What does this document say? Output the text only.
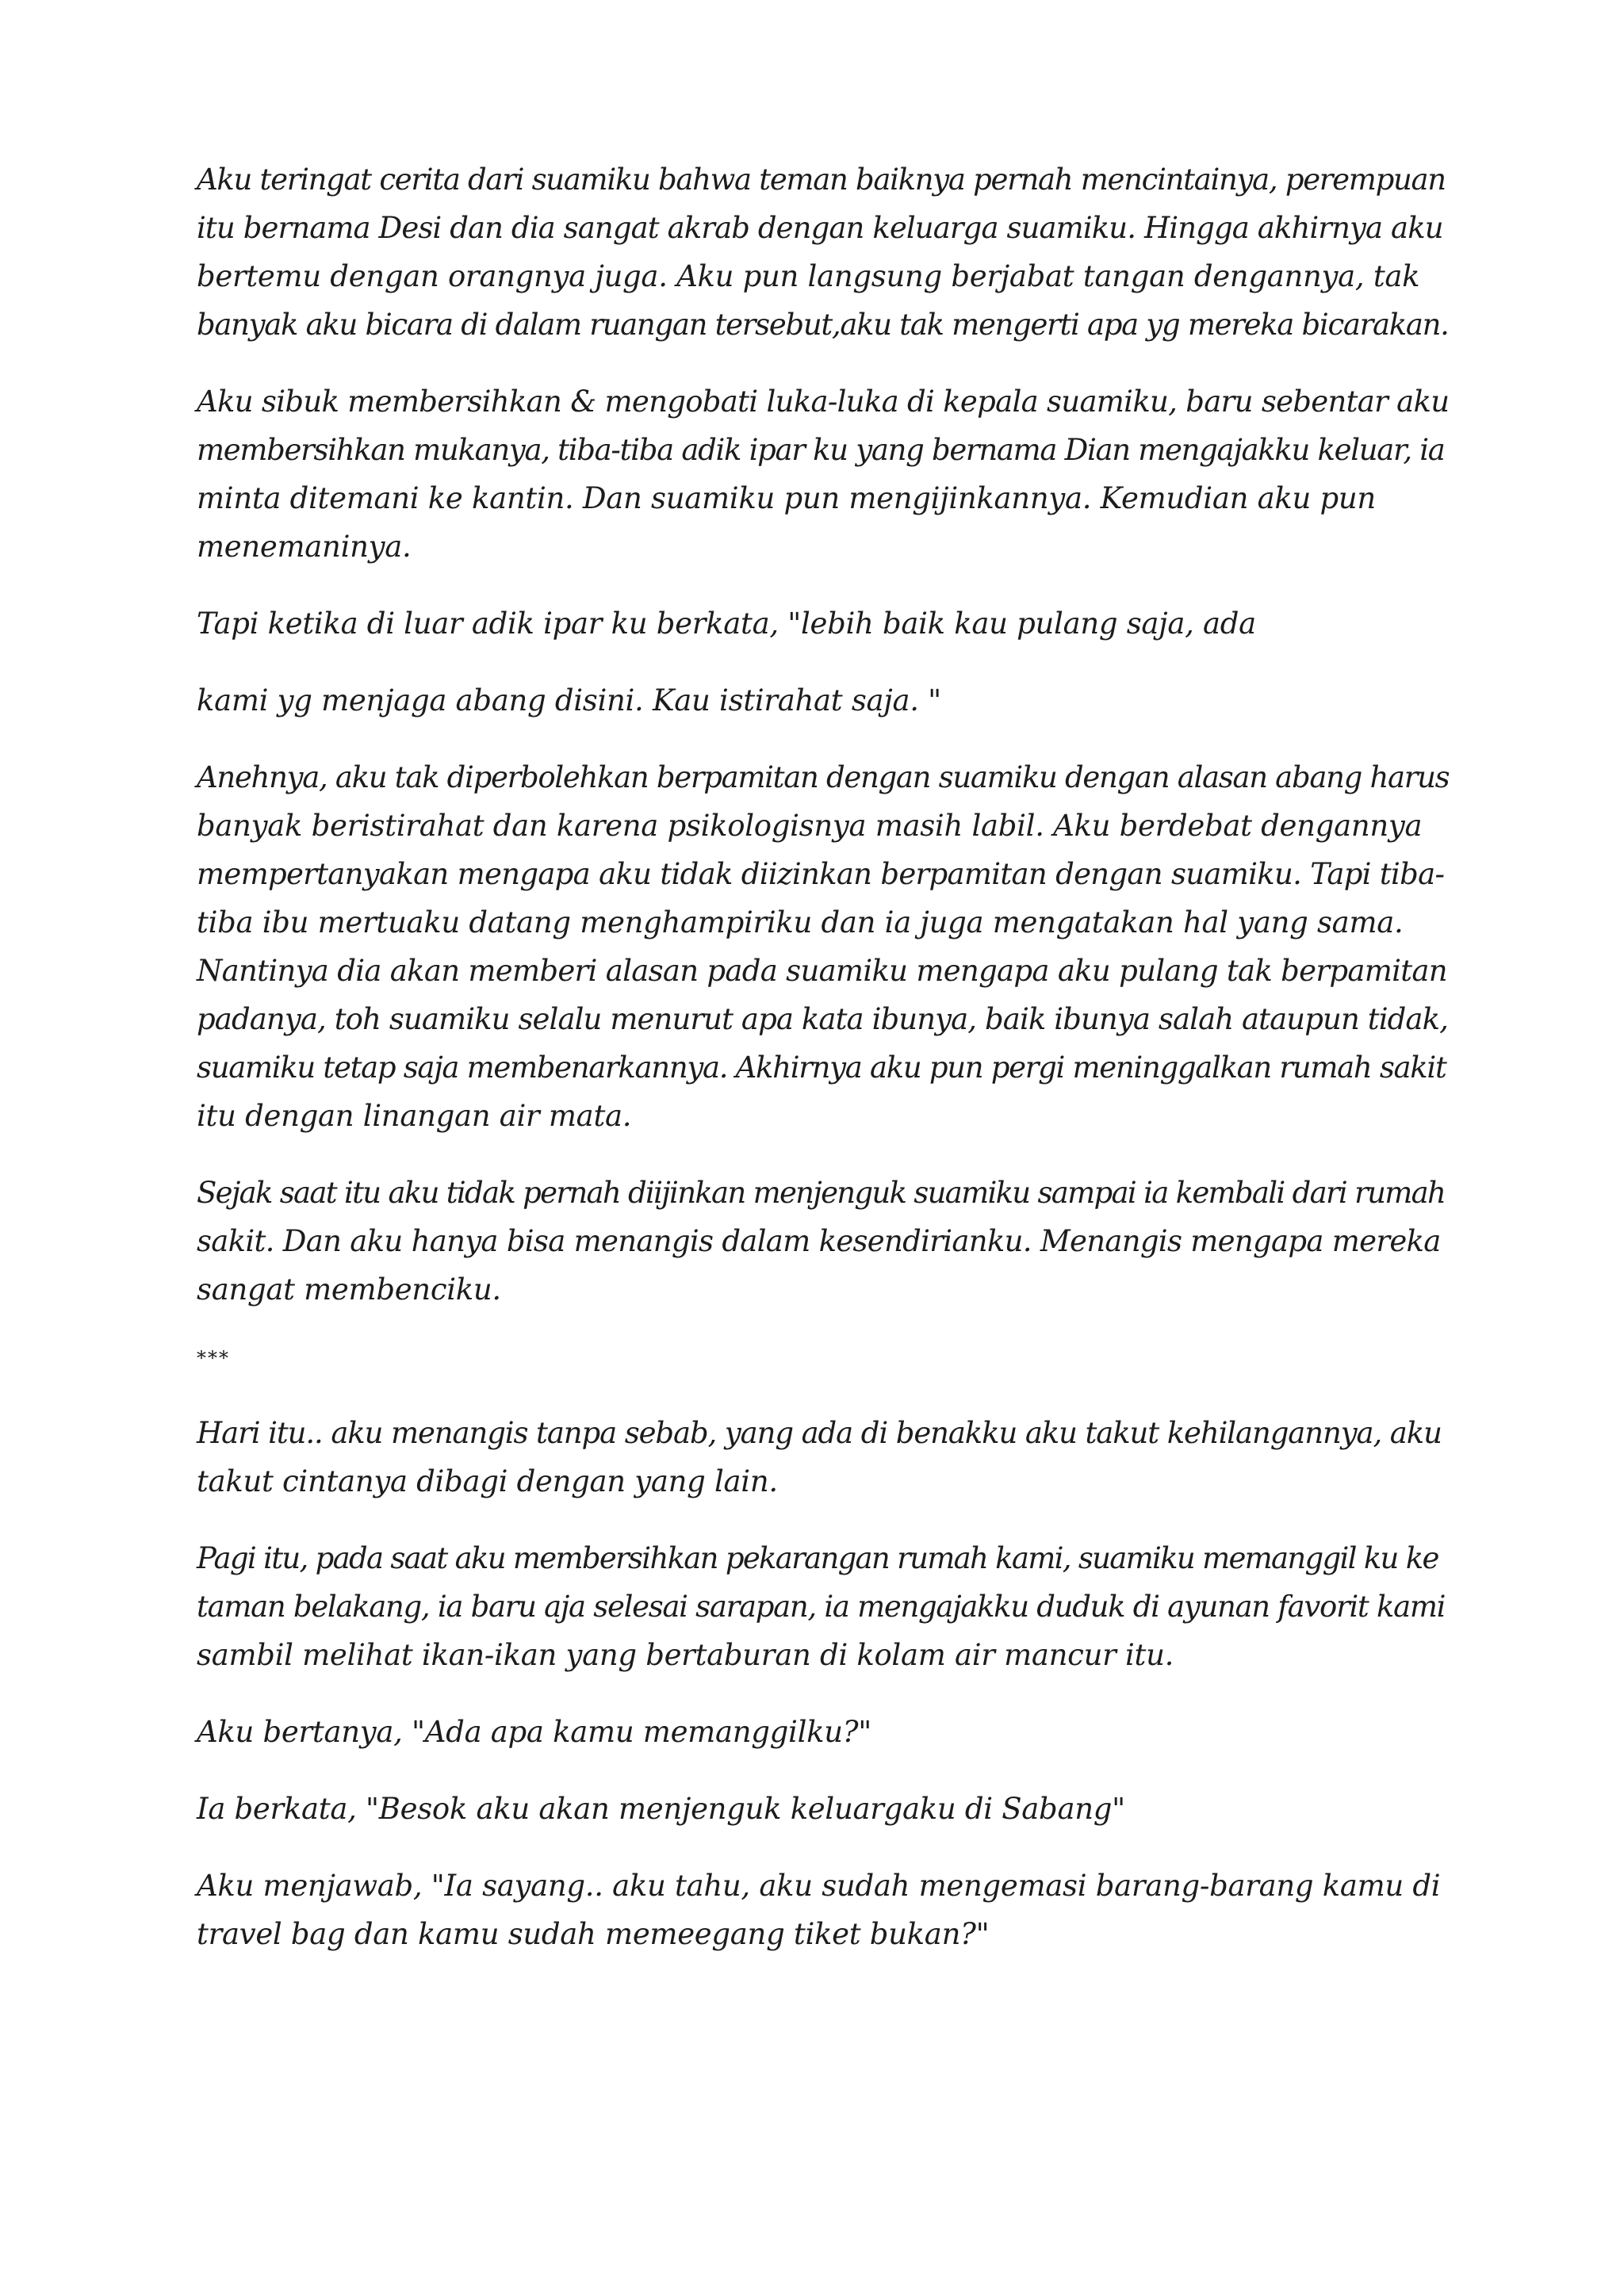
Aku teringat cerita dari suamiku bahwa teman baiknya pernah mencintainya, perempuan
itu bernama Desi dan dia sangat akrab dengan keluarga suamiku. Hingga akhirnya aku
bertemu dengan orangnya juga. Aku pun langsung berjabat tangan dengannya, tak
banyak aku bicara di dalam ruangan tersebut,aku tak mengerti apa yg mereka bicarakan.

Aku sibuk membersihkan & mengobati luka-luka di kepala suamiku, baru sebentar aku
membersihkan mukanya, tiba-tiba adik ipar ku yang bernama Dian mengajakku keluar, ia
minta ditemani ke kantin. Dan suamiku pun mengijinkannya. Kemudian aku pun
menemaninya.

Tapi ketika di luar adik ipar ku berkata, "lebih baik kau pulang saja, ada

kami yg menjaga abang disini. Kau istirahat saja. "

Anehnya, aku tak diperbolehkan berpamitan dengan suamiku dengan alasan abang harus
banyak beristirahat dan karena psikologisnya masih labil. Aku berdebat dengannya
mempertanyakan mengapa aku tidak diizinkan berpamitan dengan suamiku. Tapi tiba-
tiba ibu mertuaku datang menghampiriku dan ia juga mengatakan hal yang sama.
Nantinya dia akan memberi alasan pada suamiku mengapa aku pulang tak berpamitan
padanya, toh suamiku selalu menurut apa kata ibunya, baik ibunya salah ataupun tidak,
suamiku tetap saja membenarkannya. Akhirnya aku pun pergi meninggalkan rumah sakit
itu dengan linangan air mata.

Sejak saat itu aku tidak pernah diijinkan menjenguk suamiku sampai ia kembali dari rumah
sakit. Dan aku hanya bisa menangis dalam kesendirianku. Menangis mengapa mereka
sangat membenciku.

***

Hari itu.. aku menangis tanpa sebab, yang ada di benakku aku takut kehilangannya, aku
takut cintanya dibagi dengan yang lain.

Pagi itu, pada saat aku membersihkan pekarangan rumah kami, suamiku memanggil ku ke
taman belakang, ia baru aja selesai sarapan, ia mengajakku duduk di ayunan favorit kami
sambil melihat ikan-ikan yang bertaburan di kolam air mancur itu.

Aku bertanya, "Ada apa kamu memanggilku?"

Ia berkata, "Besok aku akan menjenguk keluargaku di Sabang"

Aku menjawab, "Ia sayang.. aku tahu, aku sudah mengemasi barang-barang kamu di
travel bag dan kamu sudah memeegang tiket bukan?"
